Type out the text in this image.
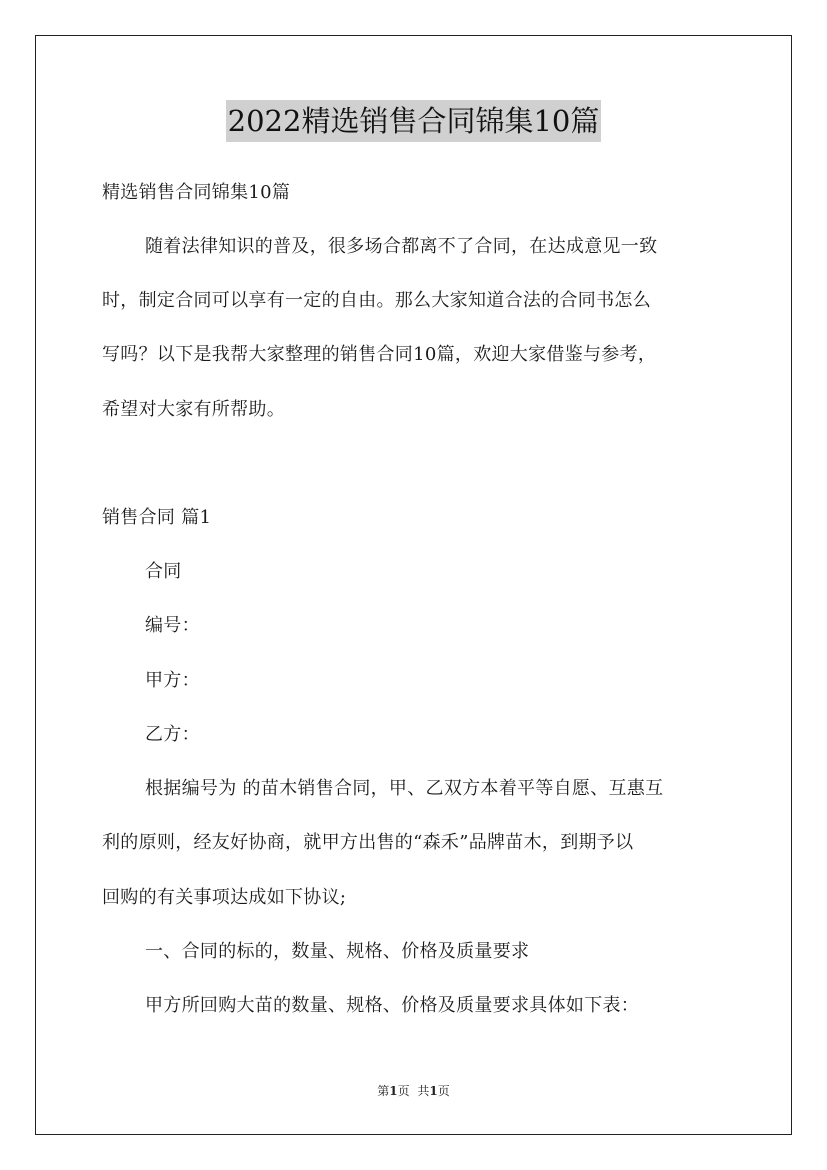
2022精选销售合同锦集10篇
精选销售合同锦集10篇
随着法律知识的普及，很多场合都离不了合同，在达成意见一致
时，制定合同可以享有一定的自由。那么大家知道合法的合同书怎么
写吗？以下是我帮大家整理的销售合同10篇，欢迎大家借鉴与参考，
希望对大家有所帮助。
销售合同 篇1
合同
编号：
甲方：
乙方：
根据编号为 的苗木销售合同，甲、乙双方本着平等自愿、互惠互
利的原则，经友好协商，就甲方出售的“森禾”品牌苗木，到期予以
回购的有关事项达成如下协议;
一、合同的标的，数量、规格、价格及质量要求
甲方所回购大苗的数量、规格、价格及质量要求具体如下表：
第1页 共1页
